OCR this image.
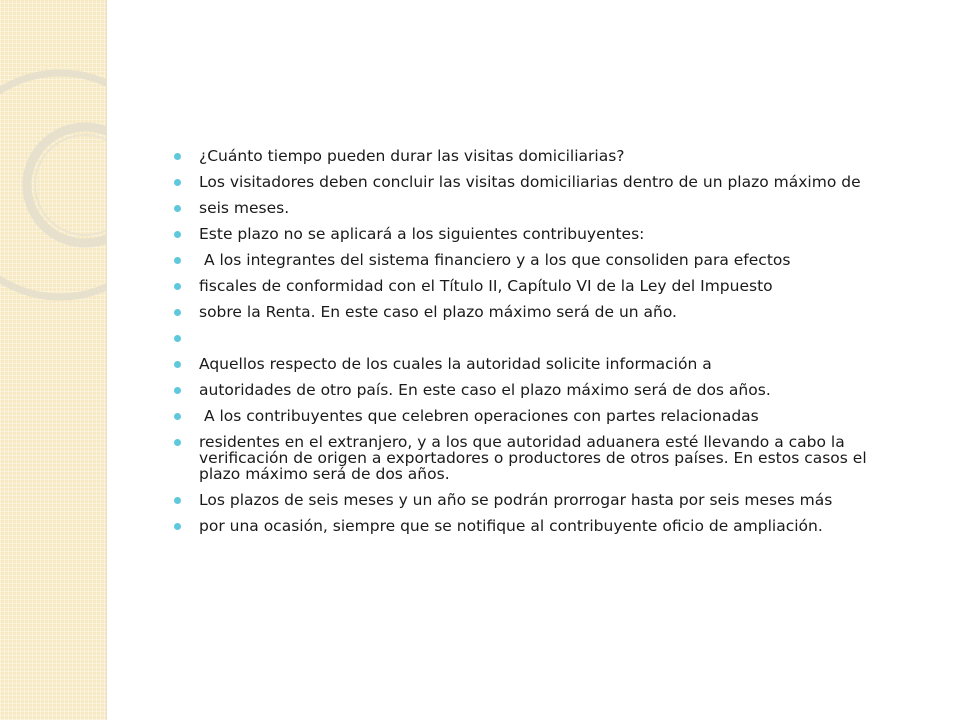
¿Cuánto tiempo pueden durar las visitas domiciliarias?
Los visitadores deben concluir las visitas domiciliarias dentro de un plazo máximo de
seis meses.
Este plazo no se aplicará a los siguientes contribuyentes:
A los integrantes del sistema financiero y a los que consoliden para efectos
fiscales de conformidad con el Título II, Capítulo VI de la Ley del Impuesto
sobre la Renta. En este caso el plazo máximo será de un año.
Aquellos respecto de los cuales la autoridad solicite información a
autoridades de otro país. En este caso el plazo máximo será de dos años.
A los contribuyentes que celebren operaciones con partes relacionadas
residentes en el extranjero, y a los que autoridad aduanera esté llevando a cabo la verificación de origen a exportadores o productores de otros países. En estos casos el plazo máximo será de dos años.
Los plazos de seis meses y un año se podrán prorrogar hasta por seis meses más
por una ocasión, siempre que se notifique al contribuyente oficio de ampliación.
